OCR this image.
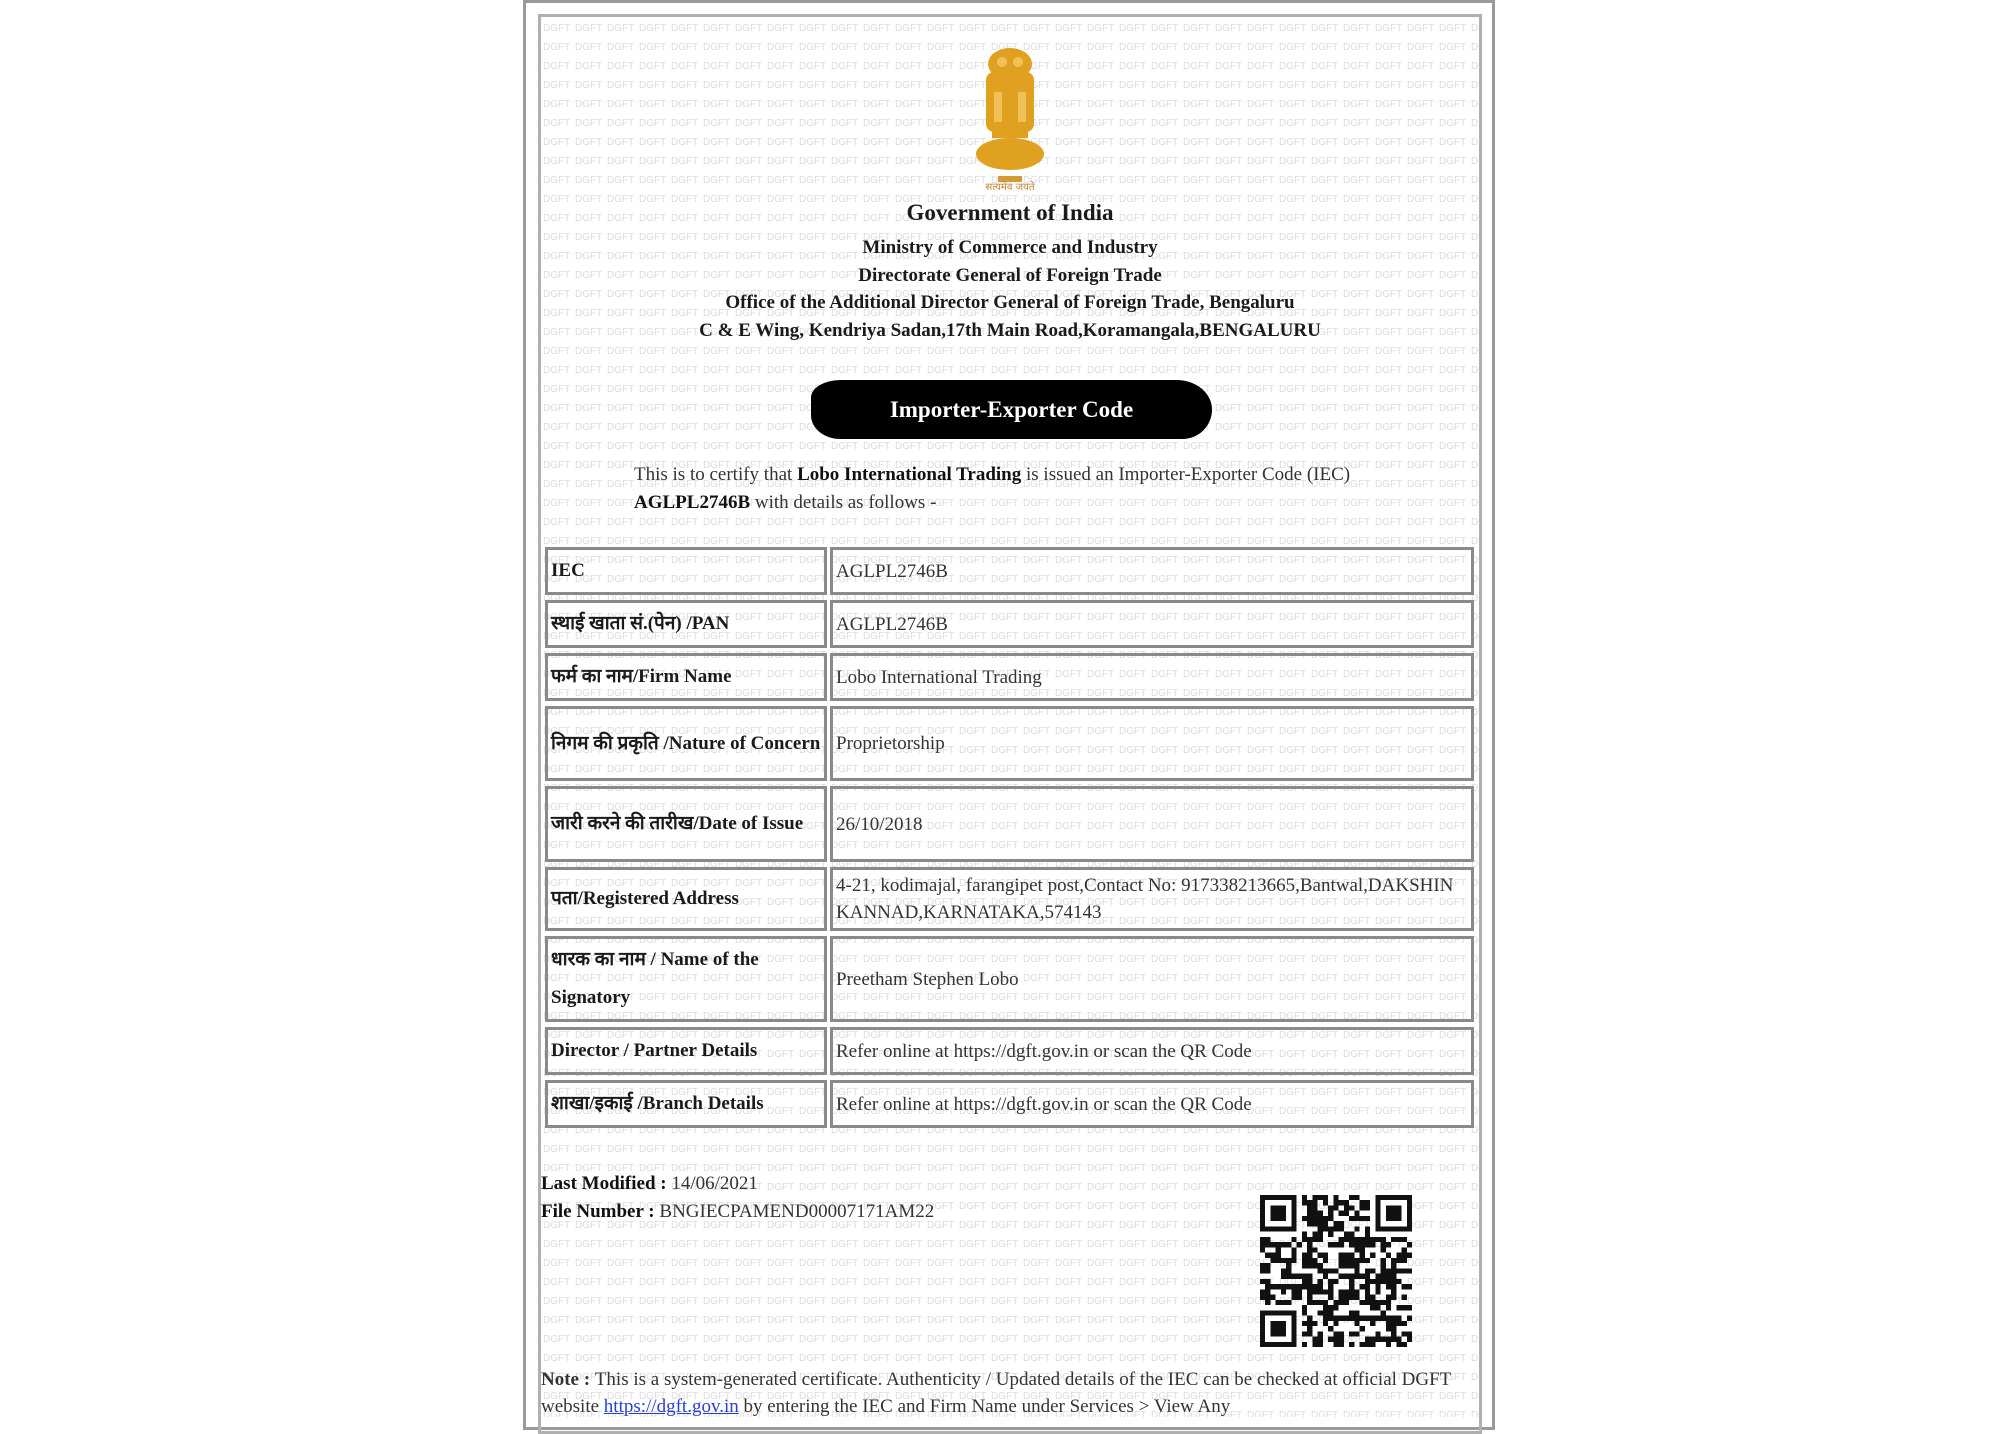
सत्यमेव जयते
Government of India
Ministry of Commerce and Industry
Directorate General of Foreign Trade
Office of the Additional Director General of Foreign Trade, Bengaluru
C & E Wing, Kendriya Sadan,17th Main Road,Koramangala,BENGALURU
Importer-Exporter Code
This is to certify that Lobo International Trading is issued an Importer-Exporter Code (IEC) AGLPL2746B with details as follows -
IEC	AGLPL2746B
स्थाई खाता सं.(पेन) /PAN	AGLPL2746B
फर्म का नाम/Firm Name	Lobo International Trading
निगम की प्रकृति /Nature of Concern	Proprietorship
जारी करने की तारीख/Date of Issue	26/10/2018
पता/Registered Address	4-21, kodimajal, farangipet post,Contact No: 917338213665,Bantwal,DAKSHIN KANNAD,KARNATAKA,574143
धारक का नाम / Name of the Signatory	Preetham Stephen Lobo
Director / Partner Details	Refer online at https://dgft.gov.in or scan the QR Code
शाखा/इकाई /Branch Details	Refer online at https://dgft.gov.in or scan the QR Code
Last Modified : 14/06/2021
File Number : BNGIECPAMEND00007171AM22
Note : This is a system-generated certificate. Authenticity / Updated details of the IEC can be checked at official DGFT website https://dgft.gov.in by entering the IEC and Firm Name under Services > View Any
